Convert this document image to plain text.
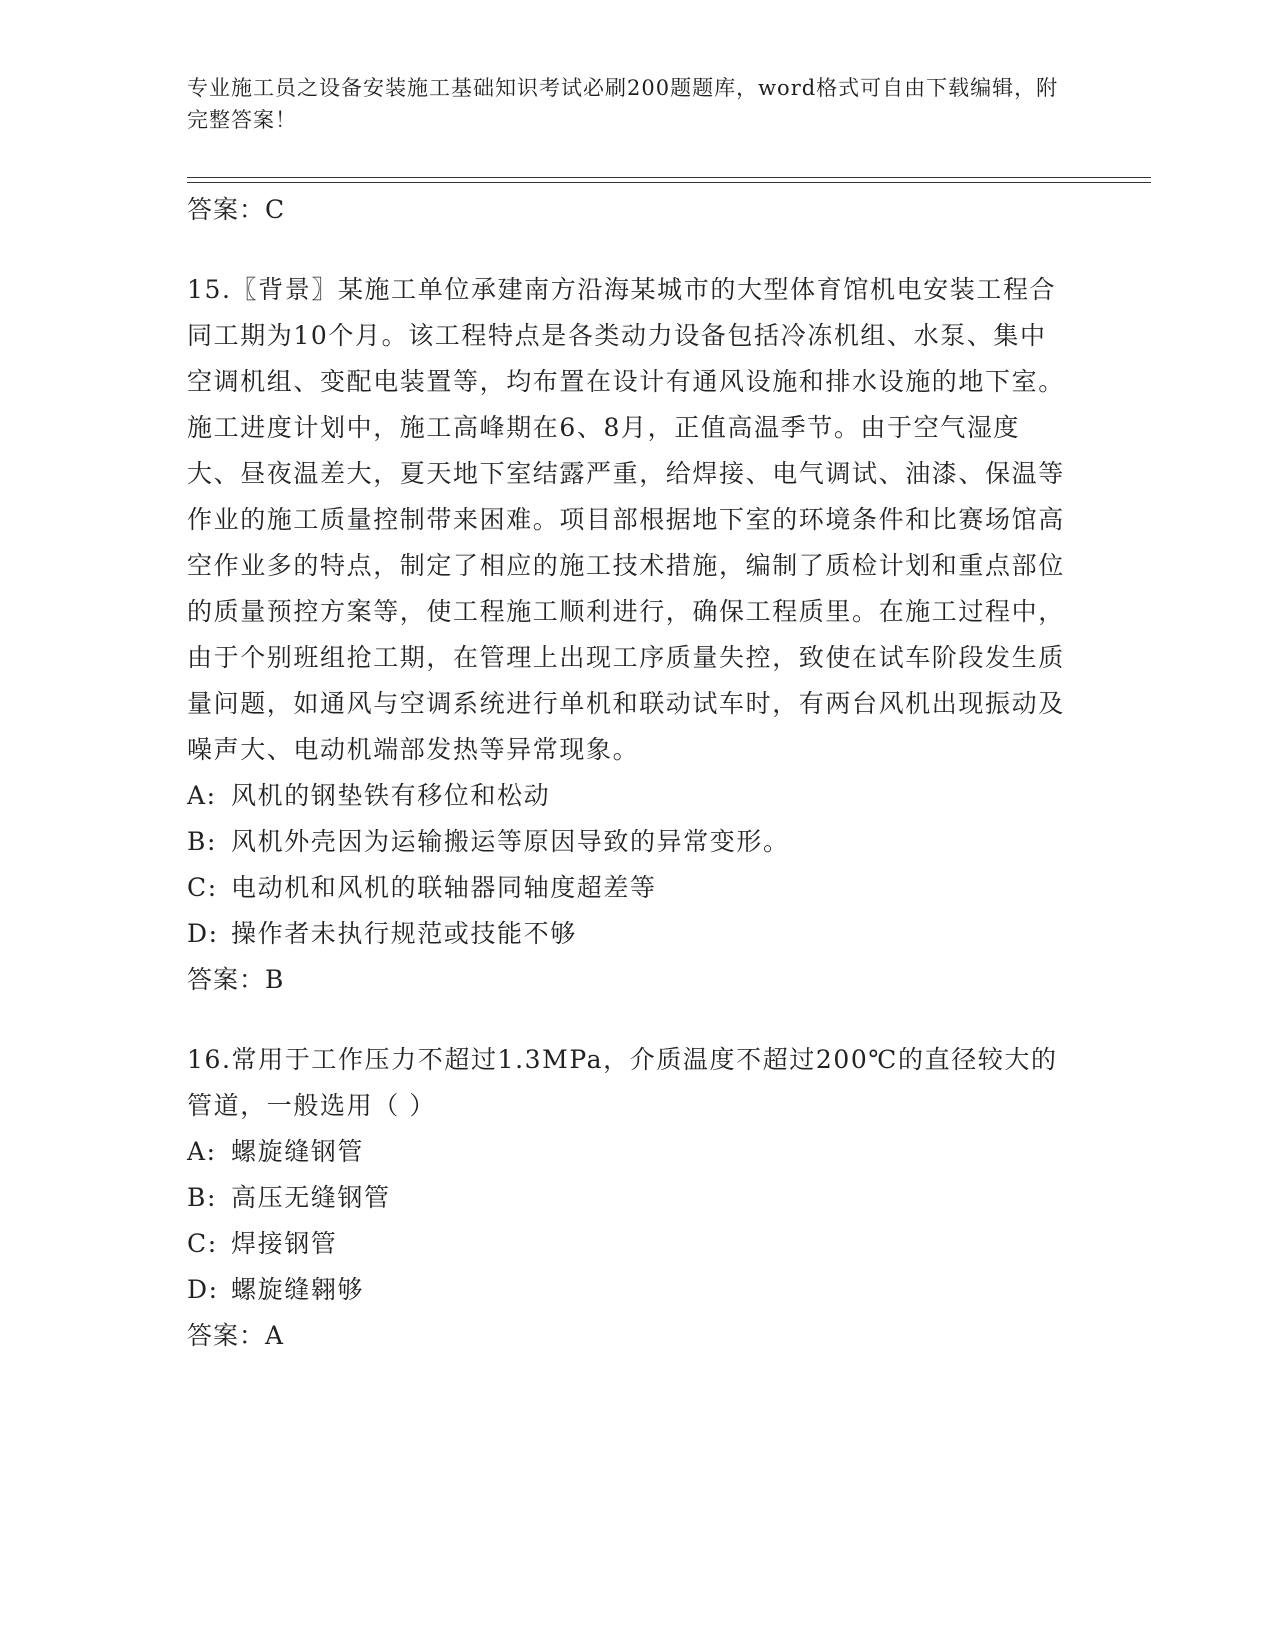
专业施工员之设备安装施工基础知识考试必刷200题题库，word格式可自由下载编辑，附完整答案！

答案：C

15.〖背景〗某施工单位承建南方沿海某城市的大型体育馆机电安装工程合同工期为10个月。该工程特点是各类动力设备包括冷冻机组、水泵、集中空调机组、变配电装置等，均布置在设计有通风设施和排水设施的地下室。施工进度计划中，施工高峰期在6、8月，正值高温季节。由于空气湿度大、昼夜温差大，夏天地下室结露严重，给焊接、电气调试、油漆、保温等作业的施工质量控制带来困难。项目部根据地下室的环境条件和比赛场馆高空作业多的特点，制定了相应的施工技术措施，编制了质检计划和重点部位的质量预控方案等，使工程施工顺利进行，确保工程质里。在施工过程中，由于个别班组抢工期，在管理上出现工序质量失控，致使在试车阶段发生质量问题，如通风与空调系统进行单机和联动试车时，有两台风机出现振动及噪声大、电动机端部发热等异常现象。

A: 风机的钢垫铁有移位和松动
B: 风机外壳因为运输搬运等原因导致的异常变形。
C: 电动机和风机的联轴器同轴度超差等
D: 操作者未执行规范或技能不够

答案：B

16.常用于工作压力不超过1.3MPa，介质温度不超过200℃的直径较大的管道，一般选用（ ）

A: 螺旋缝钢管
B: 高压无缝钢管
C: 焊接钢管
D: 螺旋缝翱够

答案：A
